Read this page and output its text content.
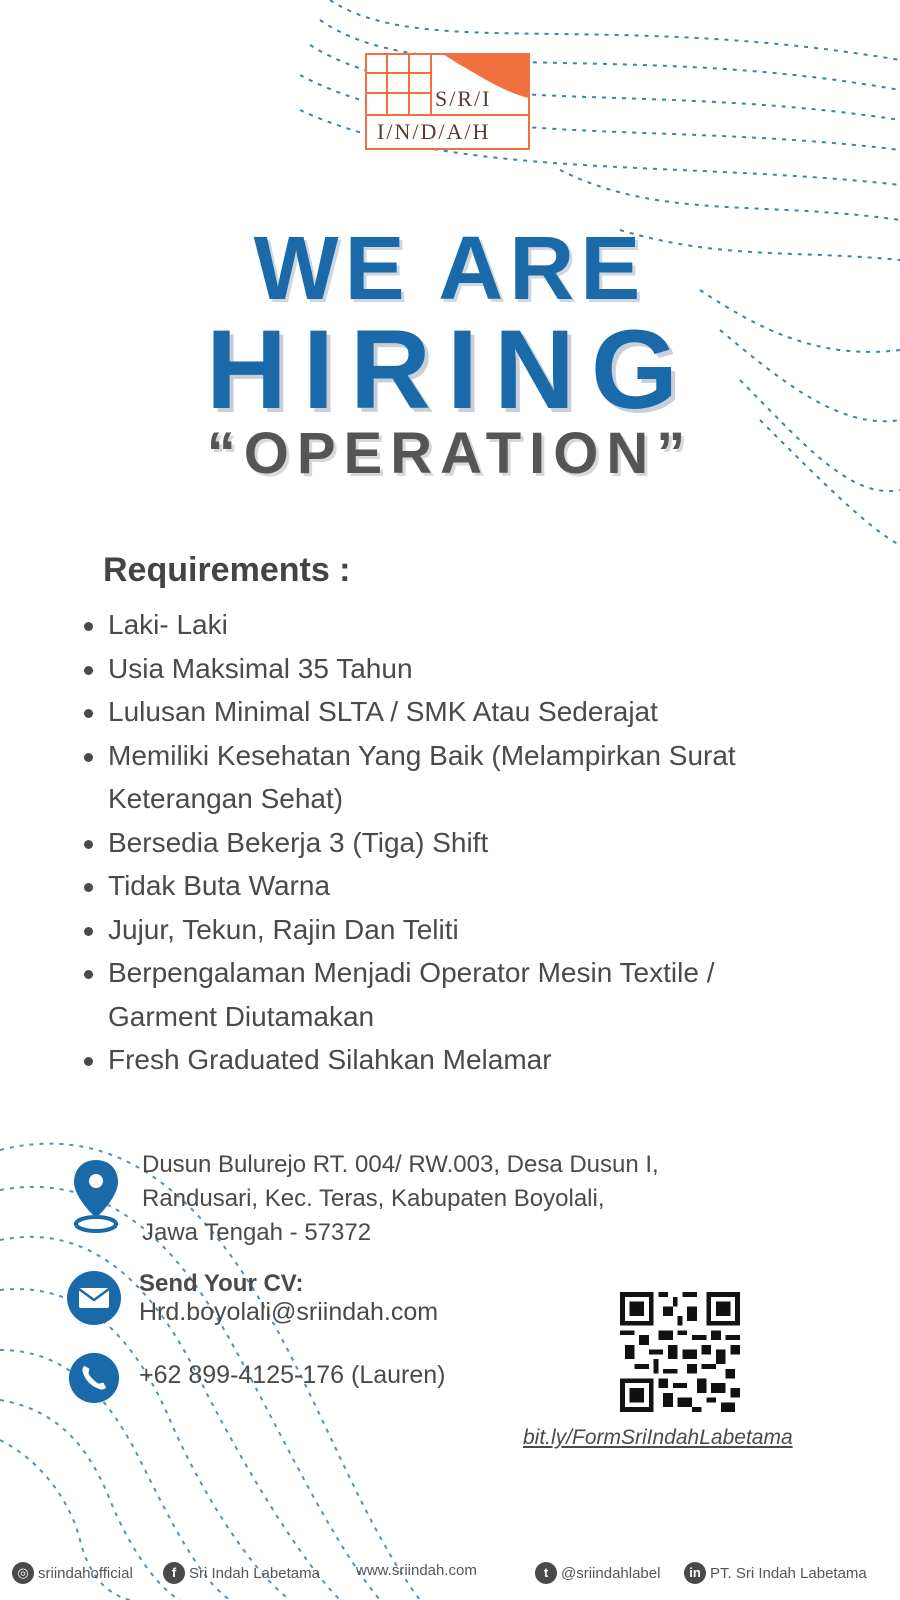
S/R/I
I/N/D/A/H
WE ARE
HIRING
“OPERATION”
Requirements :
Laki- Laki
Usia Maksimal 35 Tahun
Lulusan Minimal SLTA / SMK Atau Sederajat
Memiliki Kesehatan Yang Baik (Melampirkan Surat Keterangan Sehat)
Bersedia Bekerja 3 (Tiga) Shift
Tidak Buta Warna
Jujur, Tekun, Rajin Dan Teliti
Berpengalaman Menjadi Operator Mesin Textile / Garment Diutamakan
Fresh Graduated Silahkan Melamar
Dusun Bulurejo RT. 004/ RW.003, Desa Dusun I,
Randusari, Kec. Teras, Kabupaten Boyolali,
Jawa Tengah - 57372
Send Your CV:
Hrd.boyolali@sriindah.com
+62 899-4125-176 (Lauren)
bit.ly/FormSriIndahLabetama
◎ sriindahofficial	f Sri Indah Labetama www.sriindah.com	t @sriindahlabel	in PT. Sri Indah Labetama
